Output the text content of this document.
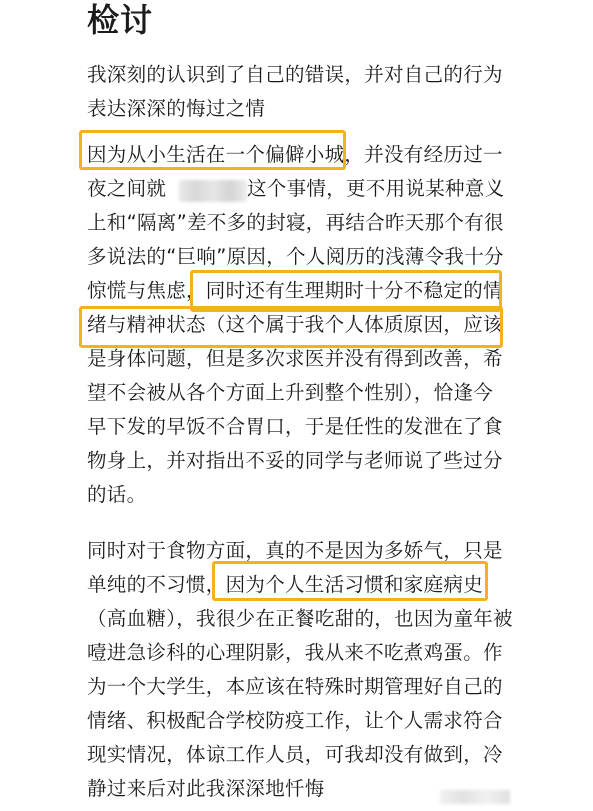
检讨
我深刻的认识到了自己的错误，并对自己的行为
表达深深的悔过之情
因为从小生活在一个偏僻小城，并没有经历过一
夜之间就	这个事情，更不用说某种意义
上和“隔离”差不多的封寝，再结合昨天那个有很
多说法的“巨响”原因，个人阅历的浅薄令我十分
惊慌与焦虑，同时还有生理期时十分不稳定的情
绪与精神状态（这个属于我个人体质原因，应该
是身体问题，但是多次求医并没有得到改善，希
望不会被从各个方面上升到整个性别），恰逢今
早下发的早饭不合胃口，于是任性的发泄在了食
物身上，并对指出不妥的同学与老师说了些过分
的话。
同时对于食物方面，真的不是因为多娇气，只是
单纯的不习惯，因为个人生活习惯和家庭病史
（高血糖），我很少在正餐吃甜的，也因为童年被
噎进急诊科的心理阴影，我从来不吃煮鸡蛋。作
为一个大学生，本应该在特殊时期管理好自己的
情绪、积极配合学校防疫工作，让个人需求符合
现实情况，体谅工作人员，可我却没有做到，冷
静过来后对此我深深地忏悔
